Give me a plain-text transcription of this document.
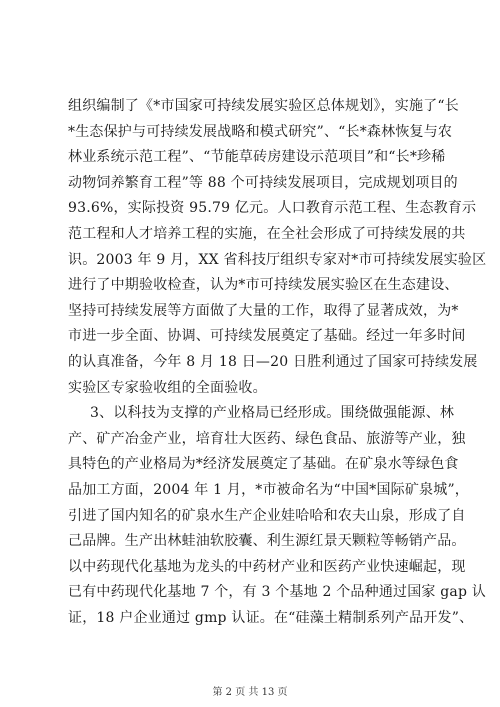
组织编制了《*市国家可持续发展实验区总体规划》，实施了“长
*生态保护与可持续发展战略和模式研究”、“长*森林恢复与农
林业系统示范工程”、“节能草砖房建设示范项目”和“长*珍稀
动物饲养繁育工程”等 88 个可持续发展项目，完成规划项目的
93.6%，实际投资 95.79 亿元。人口教育示范工程、生态教育示
范工程和人才培养工程的实施，在全社会形成了可持续发展的共
识。2003 年 9 月，XX 省科技厅组织专家对*市可持续发展实验区
进行了中期验收检查，认为*市可持续发展实验区在生态建设、
坚持可持续发展等方面做了大量的工作，取得了显著成效，为*
市进一步全面、协调、可持续发展奠定了基础。经过一年多时间
的认真准备，今年 8 月 18 日—20 日胜利通过了国家可持续发展
实验区专家验收组的全面验收。
3、以科技为支撑的产业格局已经形成。围绕做强能源、林
产、矿产冶金产业，培育壮大医药、绿色食品、旅游等产业，独
具特色的产业格局为*经济发展奠定了基础。在矿泉水等绿色食
品加工方面，2004 年 1 月，*市被命名为“中国*国际矿泉城”，
引进了国内知名的矿泉水生产企业娃哈哈和农夫山泉，形成了自
己品牌。生产出林蛙油软胶囊、利生源红景天颗粒等畅销产品。
以中药现代化基地为龙头的中药材产业和医药产业快速崛起，现
已有中药现代化基地 7 个，有 3 个基地 2 个品种通过国家 gap 认
证，18 户企业通过 gmp 认证。在“硅藻土精制系列产品开发”、
第 2 页 共 13 页
